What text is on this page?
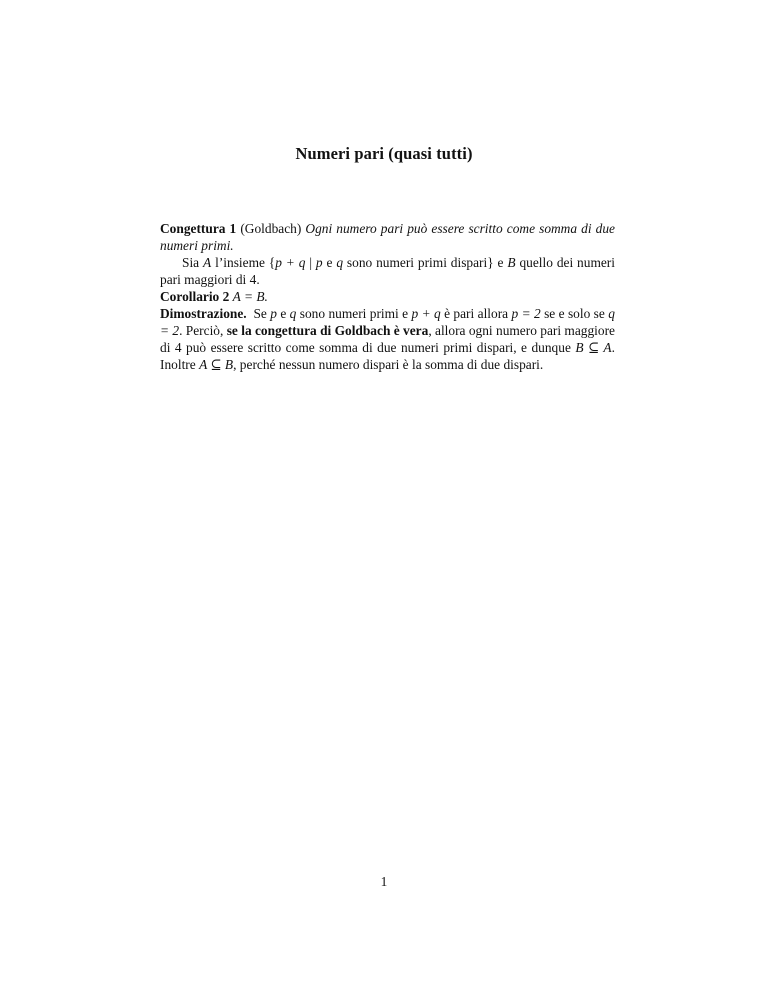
Numeri pari (quasi tutti)

Congettura 1 (Goldbach) Ogni numero pari può essere scritto come somma di due numeri primi.

Sia A l’insieme {p + q | p e q sono numeri primi dispari} e B quello dei numeri pari maggiori di 4.

Corollario 2 A = B.

Dimostrazione. Se p e q sono numeri primi e p + q è pari allora p = 2 se e solo se q = 2. Perciò, se la congettura di Goldbach è vera, allora ogni numero pari maggiore di 4 può essere scritto come somma di due numeri primi dispari, e dunque B ⊆ A. Inoltre A ⊆ B, perché nessun numero dispari è la somma di due dispari.

1
